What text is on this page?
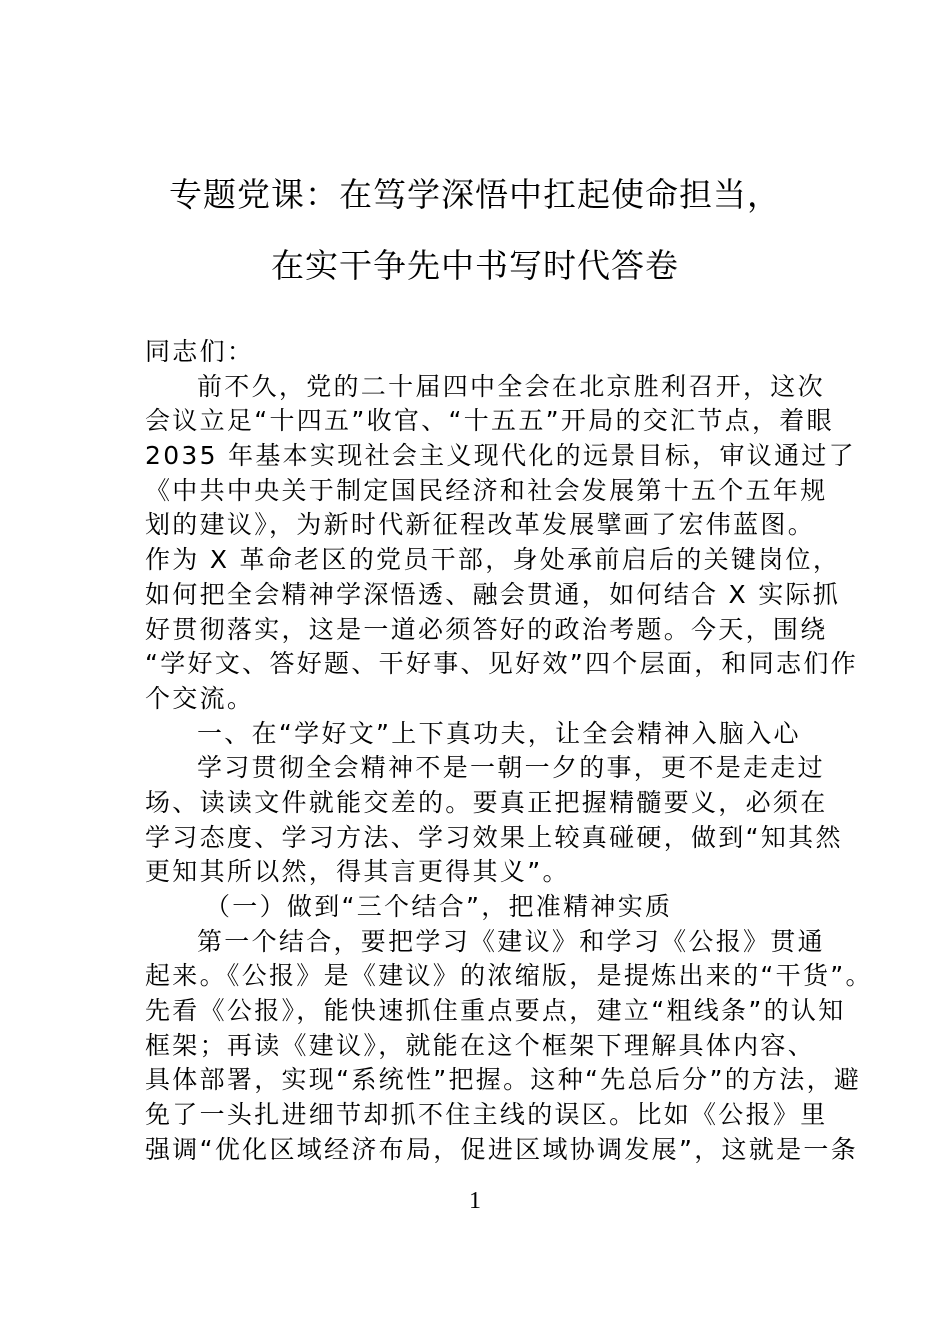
专题党课：在笃学深悟中扛起使命担当，
在实干争先中书写时代答卷
同志们：
前不久，党的二十届四中全会在北京胜利召开，这次
会议立足“十四五”收官、“十五五”开局的交汇节点，着眼
2035 年基本实现社会主义现代化的远景目标，审议通过了
《中共中央关于制定国民经济和社会发展第十五个五年规
划的建议》，为新时代新征程改革发展擘画了宏伟蓝图。
作为 X 革命老区的党员干部，身处承前启后的关键岗位，
如何把全会精神学深悟透、融会贯通，如何结合 X 实际抓
好贯彻落实，这是一道必须答好的政治考题。今天，围绕
“学好文、答好题、干好事、见好效”四个层面，和同志们作
个交流。
一、在“学好文”上下真功夫，让全会精神入脑入心
学习贯彻全会精神不是一朝一夕的事，更不是走走过
场、读读文件就能交差的。要真正把握精髓要义，必须在
学习态度、学习方法、学习效果上较真碰硬，做到“知其然
更知其所以然，得其言更得其义”。
（一）做到“三个结合”，把准精神实质
第一个结合，要把学习《建议》和学习《公报》贯通
起来。《公报》是《建议》的浓缩版，是提炼出来的“干货”。
先看《公报》，能快速抓住重点要点，建立“粗线条”的认知
框架；再读《建议》，就能在这个框架下理解具体内容、
具体部署，实现“系统性”把握。这种“先总后分”的方法，避
免了一头扎进细节却抓不住主线的误区。比如《公报》里
强调“优化区域经济布局，促进区域协调发展”，这就是一条
1
